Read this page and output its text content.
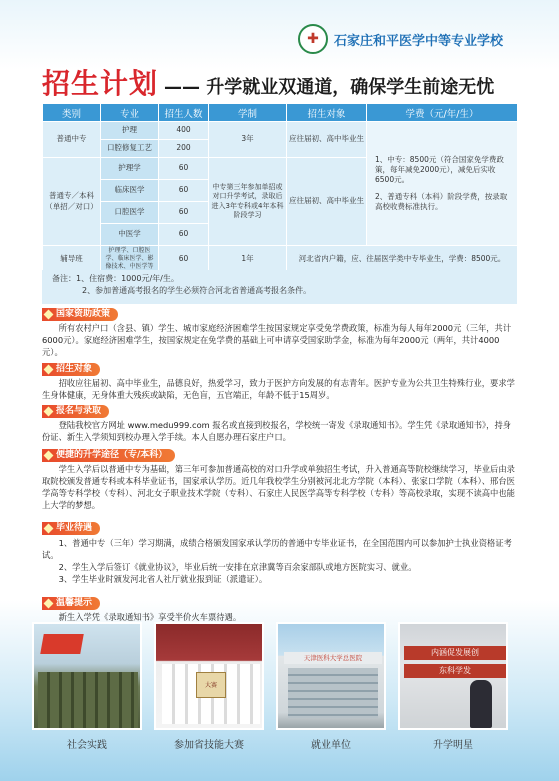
✚	石家庄和平医学中等专业学校
招生计划 —— 升学就业双通道，确保学生前途无忧
类别	专业	招生人数	学制	招生对象	学费（元/年/生）
普通中专	护理	400	3年	应往届初、高中毕业生	1、中专：8500元（符合国家免学费政策，每年减免2000元），减免后实收6500元。
2、普通专科（本科）阶段学费，按录取高校收费标准执行。

	口腔修复工艺	200			
普通专／本科（单招／对口）	护理学	60	中专第三年参加单招或对口升学考试，录取后进入3年专科或4年本科阶段学习	应往届初、高中毕业生	
	临床医学	60			
	口腔医学	60			
	中医学	60			
辅导班	护理学、口腔医学、临床医学、影像技术、中医学等	60	1年	河北省内户籍，应、往届医学类中专毕业生，学费：8500元。	
备注：1、住宿费：1000元/年/生。
2、参加普通高考报名的学生必须符合河北省普通高考报名条件。
国家资助政策
所有农村户口（含县、镇）学生、城市家庭经济困难学生按国家规定享受免学费政策，标准为每人每年2000元（三年，共计6000元）。家庭经济困难学生，按国家规定在免学费的基础上可申请享受国家助学金，标准为每年2000元（两年，共计4000元）。
招生对象
招收应往届初、高中毕业生，品德良好，热爱学习，致力于医护方向发展的有志青年。医护专业为公共卫生特殊行业，要求学生身体健康，无身体重大残疾或缺陷，无色盲，五官端正，年龄不低于15周岁。
报名与录取
登陆我校官方网址 www.medu999.com 报名或直接到校报名，学校统一寄发《录取通知书》。学生凭《录取通知书》，持身份证、新生入学须知到校办理入学手续。本人自愿办理石家庄户口。
便捷的升学途径（专/本科）
学生入学后以普通中专为基础，第三年可参加普通高校的对口升学或单独招生考试，升入普通高等院校继续学习，毕业后由录取院校颁发普通专科或本科毕业证书，国家承认学历。近几年我校学生分别被河北北方学院（本科）、张家口学院（本科）、邢台医学高等专科学校（专科）、河北女子职业技术学院（专科）、石家庄人民医学高等专科学校（专科）等高校录取，实现不读高中也能上大学的梦想。
毕业待遇
1、普通中专（三年）学习期满，成绩合格颁发国家承认学历的普通中专毕业证书，在全国范围内可以参加护士执业资格证考试。
2、学生入学后签订《就业协议》，毕业后统一安排在京津冀等百余家部队或地方医院实习、就业。
3、学生毕业时颁发河北省人社厅就业报到证（派遣证）。
温馨提示
新生入学凭《录取通知书》享受半价火车票待遇。
社会实践
大赛
参加省技能大赛
天津医科大学总医院
就业单位
内涵促发展创
东科学发
升学明星
